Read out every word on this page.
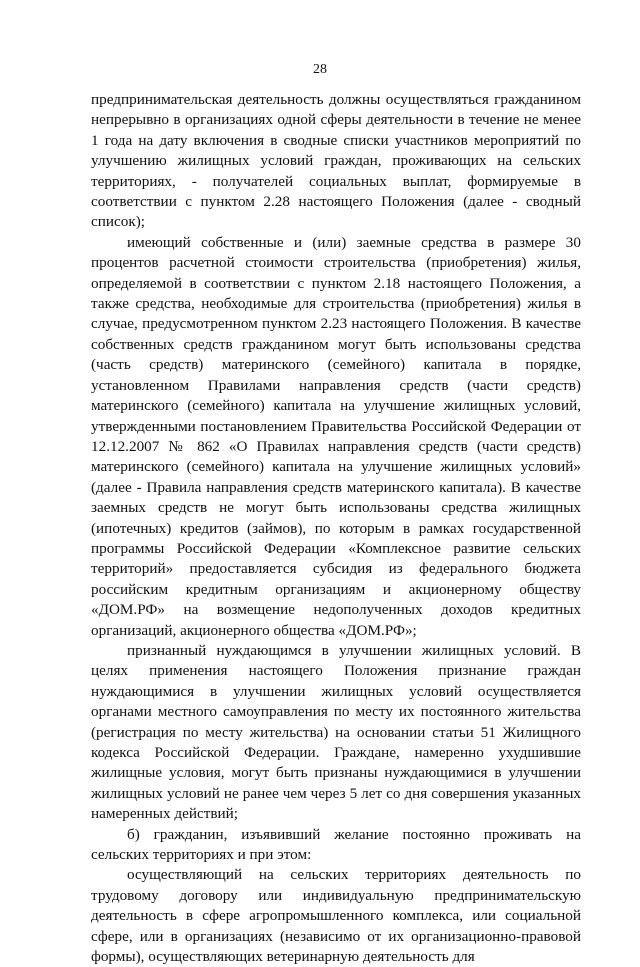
28

предпринимательская деятельность должны осуществляться гражданином непрерывно в организациях одной сферы деятельности в течение не менее 1 года на дату включения в сводные списки участников мероприятий по улучшению жилищных условий граждан, проживающих на сельских территориях, - получателей социальных выплат, формируемые в соответствии с пунктом 2.28 настоящего Положения (далее - сводный список);

имеющий собственные и (или) заемные средства в размере 30 процентов расчетной стоимости строительства (приобретения) жилья, определяемой в соответствии с пунктом 2.18 настоящего Положения, а также средства, необходимые для строительства (приобретения) жилья в случае, предусмотренном пунктом 2.23 настоящего Положения. В качестве собственных средств гражданином могут быть использованы средства (часть средств) материнского (семейного) капитала в порядке, установленном Правилами направления средств (части средств) материнского (семейного) капитала на улучшение жилищных условий, утвержденными постановлением Правительства Российской Федерации от 12.12.2007 № 862 «О Правилах направления средств (части средств) материнского (семейного) капитала на улучшение жилищных условий» (далее - Правила направления средств материнского капитала). В качестве заемных средств не могут быть использованы средства жилищных (ипотечных) кредитов (займов), по которым в рамках государственной программы Российской Федерации «Комплексное развитие сельских территорий» предоставляется субсидия из федерального бюджета российским кредитным организациям и акционерному обществу «ДОМ.РФ» на возмещение недополученных доходов кредитных организаций, акционерного общества «ДОМ.РФ»;

признанный нуждающимся в улучшении жилищных условий. В целях применения настоящего Положения признание граждан нуждающимися в улучшении жилищных условий осуществляется органами местного самоуправления по месту их постоянного жительства (регистрация по месту жительства) на основании статьи 51 Жилищного кодекса Российской Федерации. Граждане, намеренно ухудшившие жилищные условия, могут быть признаны нуждающимися в улучшении жилищных условий не ранее чем через 5 лет со дня совершения указанных намеренных действий;

б) гражданин, изъявивший желание постоянно проживать на сельских территориях и при этом:

осуществляющий на сельских территориях деятельность по трудовому договору или индивидуальную предпринимательскую деятельность в сфере агропромышленного комплекса, или социальной сфере, или в организациях (независимо от их организационно-правовой формы), осуществляющих ветеринарную деятельность для
